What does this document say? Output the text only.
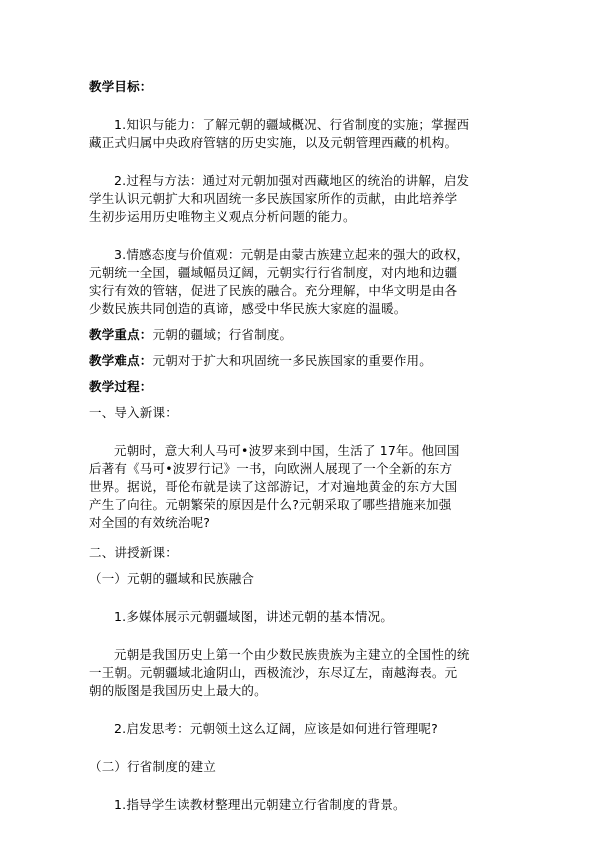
教学目标：
1.知识与能力：了解元朝的疆域概况、行省制度的实施；掌握西
藏正式归属中央政府管辖的历史实施，以及元朝管理西藏的机构。
2.过程与方法：通过对元朝加强对西藏地区的统治的讲解，启发
学生认识元朝扩大和巩固统一多民族国家所作的贡献，由此培养学
生初步运用历史唯物主义观点分析问题的能力。
3.情感态度与价值观：元朝是由蒙古族建立起来的强大的政权，
元朝统一全国，疆域幅员辽阔，元朝实行行省制度，对内地和边疆
实行有效的管辖，促进了民族的融合。充分理解，中华文明是由各
少数民族共同创造的真谛，感受中华民族大家庭的温暖。
教学重点：元朝的疆域；行省制度。
教学难点：元朝对于扩大和巩固统一多民族国家的重要作用。
教学过程：
一、导入新课：
元朝时，意大利人马可•波罗来到中国，生活了 17年。他回国
后著有《马可•波罗行记》一书，向欧洲人展现了一个全新的东方
世界。据说，哥伦布就是读了这部游记，才对遍地黄金的东方大国
产生了向往。元朝繁荣的原因是什么?元朝采取了哪些措施来加强
对全国的有效统治呢?
二、讲授新课：
（一）元朝的疆域和民族融合
1.多媒体展示元朝疆域图，讲述元朝的基本情况。
元朝是我国历史上第一个由少数民族贵族为主建立的全国性的统
一王朝。元朝疆域北逾阴山，西极流沙，东尽辽左，南越海表。元
朝的版图是我国历史上最大的。
2.启发思考：元朝领土这么辽阔，应该是如何进行管理呢?
（二）行省制度的建立
1.指导学生读教材整理出元朝建立行省制度的背景。
